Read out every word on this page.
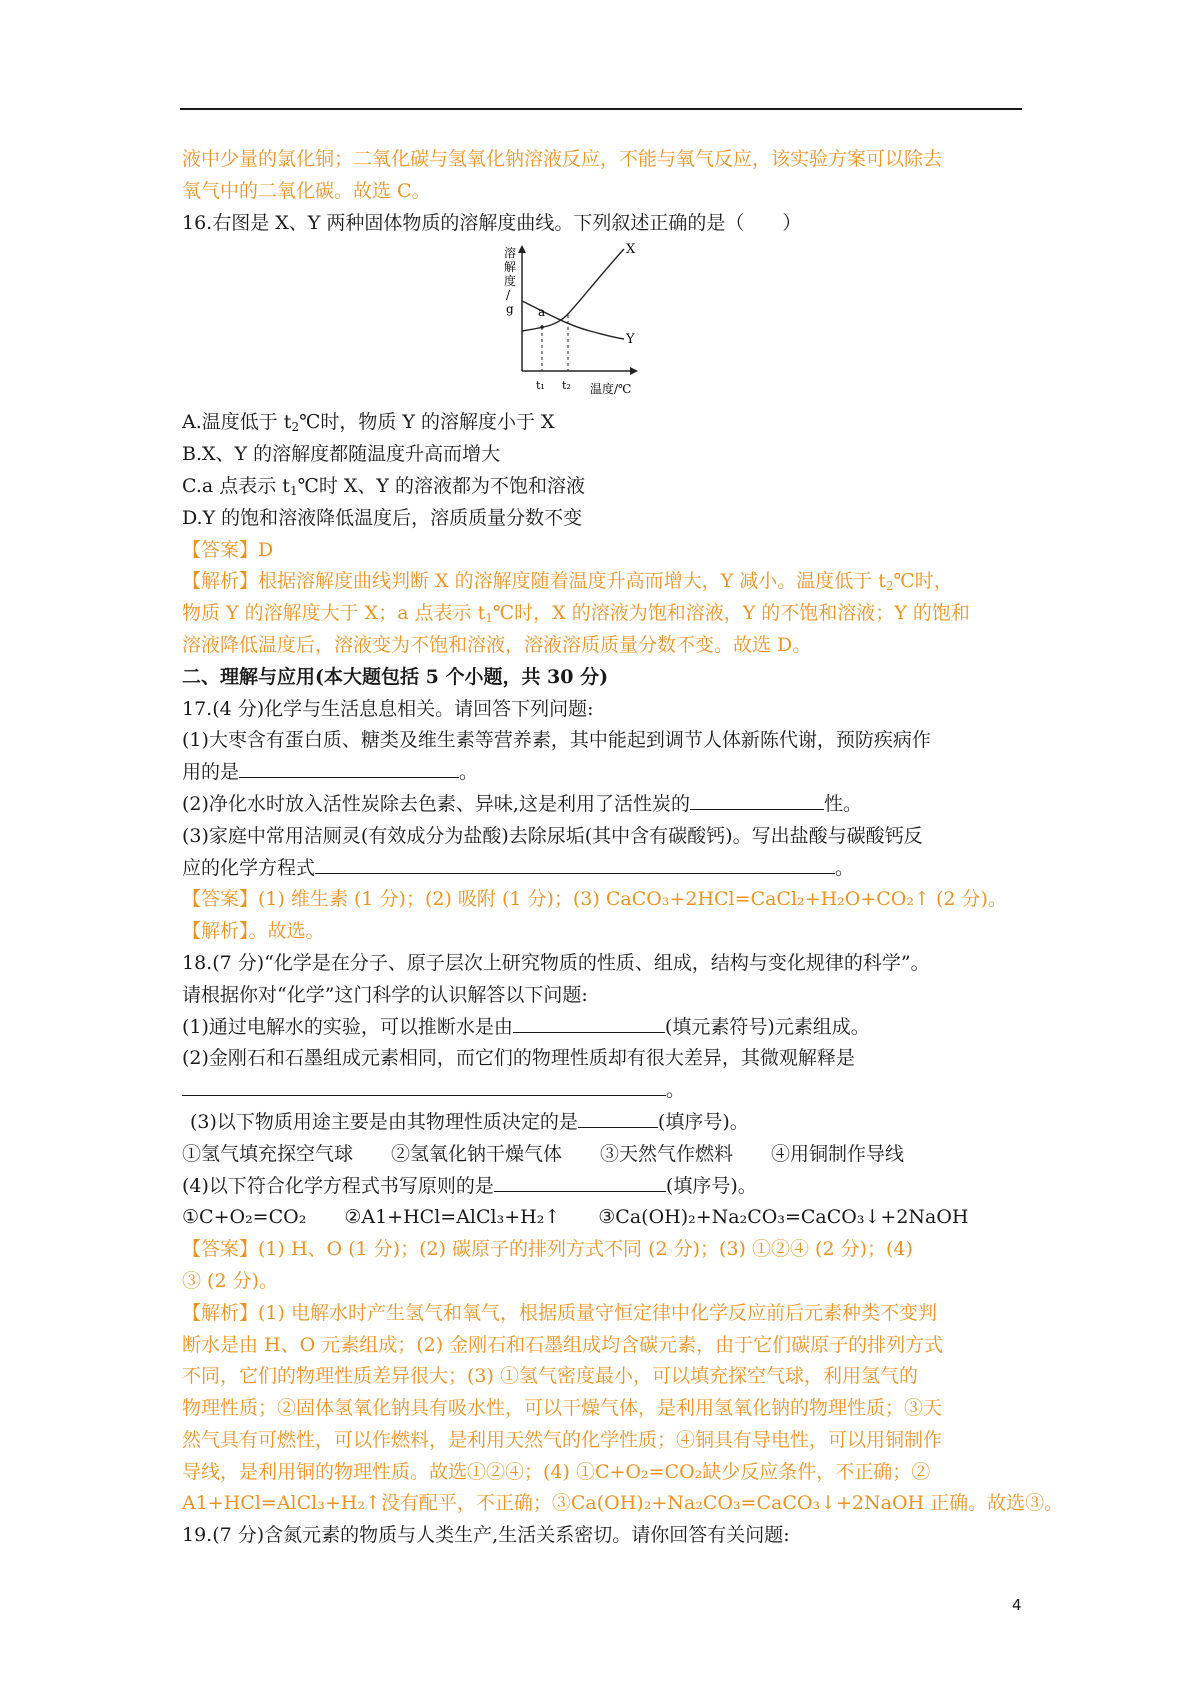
液中少量的氯化铜；二氧化碳与氢氧化钠溶液反应，不能与氧气反应，该实验方案可以除去
氧气中的二氧化碳。故选 C。
16.右图是 X、Y 两种固体物质的溶解度曲线。下列叙述正确的是（　　）
a
X
Y
t₁ t₂ 温度/℃
溶
解
度
/
g
A.温度低于 $t_2℃$时，物质 Y 的溶解度小于 X
B.X、Y 的溶解度都随温度升高而增大
C.a 点表示 $t_1℃$时 X、Y 的溶液都为不饱和溶液
D.Y 的饱和溶液降低温度后，溶质质量分数不变
【答案】D
【解析】根据溶解度曲线判断 X 的溶解度随着温度升高而增大，Y 减小。温度低于 $t_2℃$时，
物质 Y 的溶解度大于 X；a 点表示 $t_1℃$时，X 的溶液为饱和溶液，Y 的不饱和溶液；Y 的饱和
溶液降低温度后，溶液变为不饱和溶液，溶液溶质质量分数不变。故选 D。
二、理解与应用(本大题包括 5 个小题，共 30 分)
17.(4 分)化学与生活息息相关。请回答下列问题:
(1)大枣含有蛋白质、糖类及维生素等营养素，其中能起到调节人体新陈代谢，预防疾病作
用的是	。
(2)净化水时放入活性炭除去色素、异味,这是利用了活性炭的	性。
(3)家庭中常用洁厕灵(有效成分为盐酸)去除尿垢(其中含有碳酸钙)。写出盐酸与碳酸钙反
应的化学方程式	。
【答案】(1) 维生素 (1 分)；(2) 吸附 (1 分)；(3) CaCO₃+2HCl=CaCl₂+H₂O+CO₂↑ (2 分)。
【解析】。故选。
18.(7 分)“化学是在分子、原子层次上研究物质的性质、组成，结构与变化规律的科学”。
请根据你对“化学”这门科学的认识解答以下问题:
(1)通过电解水的实验，可以推断水是由	(填元素符号)元素组成。
(2)金刚石和石墨组成元素相同，而它们的物理性质却有很大差异，其微观解释是
。
(3)以下物质用途主要是由其物理性质决定的是	(填序号)。
①氢气填充探空气球　　②氢氧化钠干燥气体　　③天然气作燃料　　④用铜制作导线
(4)以下符合化学方程式书写原则的是	(填序号)。
①C+O₂=CO₂　　②A1+HCl=AlCl₃+H₂↑　　③Ca(OH)₂+Na₂CO₃=CaCO₃↓+2NaOH
【答案】(1) H、O (1 分)；(2) 碳原子的排列方式不同 (2 分)；(3) ①②④ (2 分)；(4)
③ (2 分)。
【解析】(1) 电解水时产生氢气和氧气，根据质量守恒定律中化学反应前后元素种类不变判
断水是由 H、O 元素组成；(2) 金刚石和石墨组成均含碳元素，由于它们碳原子的排列方式
不同，它们的物理性质差异很大；(3) ①氢气密度最小，可以填充探空气球，利用氢气的
物理性质；②固体氢氧化钠具有吸水性，可以干燥气体，是利用氢氧化钠的物理性质；③天
然气具有可燃性，可以作燃料，是利用天然气的化学性质；④铜具有导电性，可以用铜制作
导线，是利用铜的物理性质。故选①②④；(4) ①C+O₂=CO₂缺少反应条件，不正确；②
A1+HCl=AlCl₃+H₂↑没有配平，不正确；③Ca(OH)₂+Na₂CO₃=CaCO₃↓+2NaOH 正确。故选③。
19.(7 分)含氮元素的物质与人类生产,生活关系密切。请你回答有关问题:
4
